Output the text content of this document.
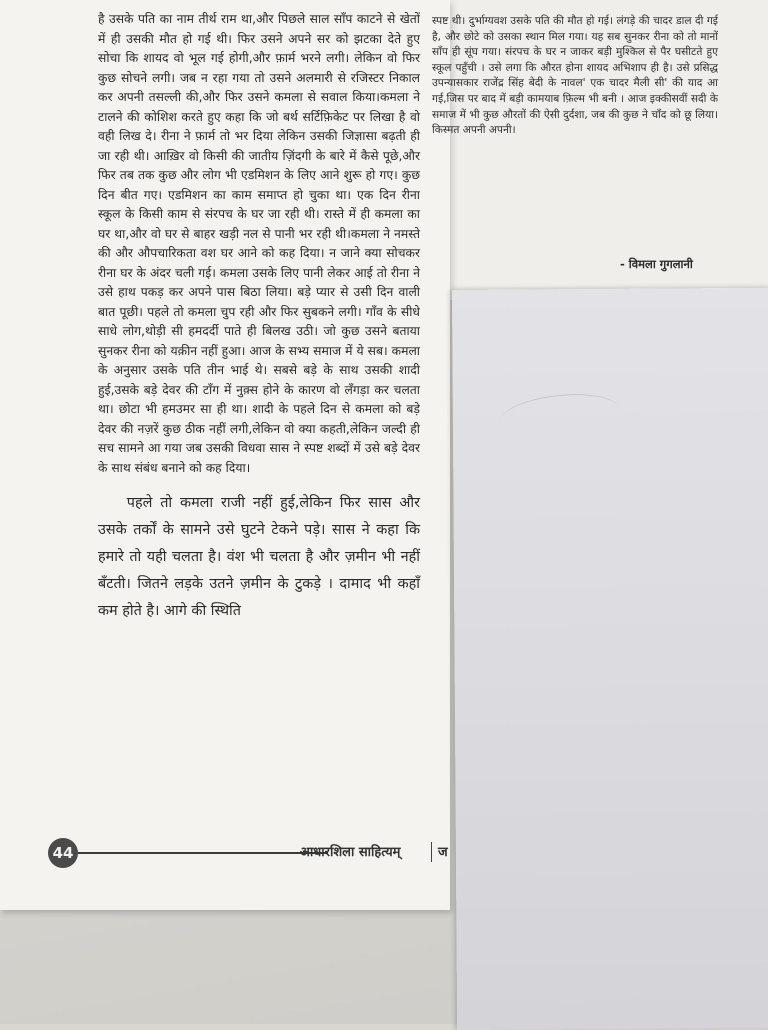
है उसके पति का नाम तीर्थ राम था,और पिछले साल साँप काटने से खेतों में ही उसकी मौत हो गई थी। फिर उसने अपने सर को झटका देते हुए सोचा कि शायद वो भूल गई होगी,और फ़ार्म भरने लगी। लेकिन वो फिर कुछ सोचने लगी। जब न रहा गया तो उसने अलमारी से रजिस्टर निकाल कर अपनी तसल्ली की,और फिर उसने कमला से सवाल किया।कमला ने टालने की कोशिश करते हुए कहा कि जो बर्थ सर्टिफ़िकेट पर लिखा है वो वही लिख दे। रीना ने फ़ार्म तो भर दिया लेकिन उसकी जिज्ञासा बढ़ती ही जा रही थी। आख़िर वो किसी की जातीय ज़िंदगी के बारे में कैसे पूछे,और फिर तब तक कुछ और लोग भी एडमिशन के लिए आने शुरू हो गए। कुछ दिन बीत गए। एडमिशन का काम समाप्त हो चुका था। एक दिन रीना स्कूल के किसी काम से संरपच के घर जा रही थी। रास्ते में ही कमला का घर था,और वो घर से बाहर खड़ी नल से पानी भर रही थी।कमला ने नमस्ते की और औपचारिकता वश घर आने को कह दिया। न जाने क्या सोचकर रीना घर के अंदर चली गई। कमला उसके लिए पानी लेकर आई तो रीना ने उसे हाथ पकड़ कर अपने पास बिठा लिया। बड़े प्यार से उसी दिन वाली बात पूछी। पहले तो कमला चुप रही और फिर सुबकने लगी। गाँव के सीधे साधे लोग,थोड़ी सी हमदर्दी पाते ही बिलख उठी। जो कुछ उसने बताया सुनकर रीना को यक़ीन नहीं हुआ। आज के सभ्य समाज में ये सब। कमला के अनुसार उसके पति तीन भाई थे। सबसे बड़े के साथ उसकी शादी हुई,उसके बड़े देवर की टाँग में नुक़्स होने के कारण वो लँगड़ा कर चलता था। छोटा भी हमउमर सा ही था। शादी के पहले दिन से कमला को बड़े देवर की नज़रें कुछ ठीक नहीं लगी,लेकिन वो क्या कहती,लेकिन जल्दी ही सच सामने आ गया जब उसकी विधवा सास ने स्पष्ट शब्दों में उसे बड़े देवर के साथ संबंध बनाने को कह दिया।

पहले तो कमला राजी नहीं हुई,लेकिन फिर सास और उसके तर्कों के सामने उसे घुटने टेकने पड़े। सास ने कहा कि हमारे तो यही चलता है। वंश भी चलता है और ज़मीन भी नहीं बँटती। जितने लड़के उतने ज़मीन के टुकड़े । दामाद भी कहाँ कम होते है। आगे की स्थिति

स्पष्ट थी। दुर्भाग्यवश उसके पति की मौत हो गई। लंगड़े की चादर डाल दी गई है, और छोटे को उसका स्थान मिल गया। यह सब सुनकर रीना को तो मानों साँप ही सूंघ गया। संरपच के घर न जाकर बड़ी मुश्किल से पैर घसीटते हुए स्कूल पहुँची । उसे लगा कि औरत होना शायद अभिशाप ही है। उसे प्रसिद्ध उपन्यासकार राजेंद्र सिंह बेदी के नावल' एक चादर मैली सी' की याद आ गई,जिस पर बाद में बड़ी कामयाब फ़िल्म भी बनी । आज इक्कीसवीं सदी के समाज में भी कुछ औरतों की ऐसी दुर्दशा, जब की कुछ ने चाँद को छू लिया। किस्मत अपनी अपनी।

- विमला गुगलानी
44	आधारशिला साहित्यम्	ज
